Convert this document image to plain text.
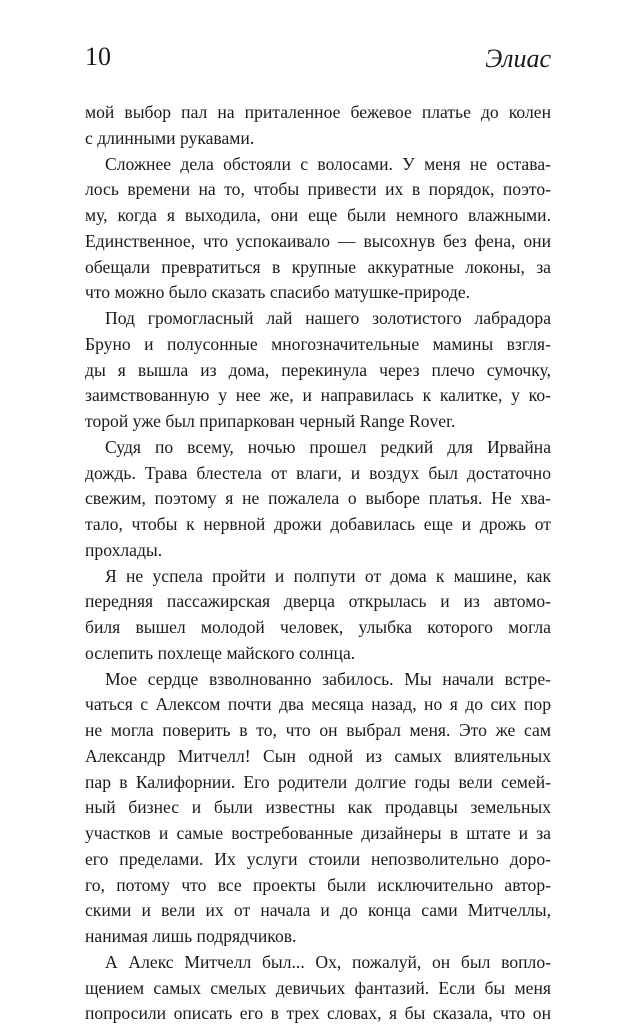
10	Элиас
мой выбор пал на приталенное бежевое платье до колен
с длинными рукавами.
Сложнее дела обстояли с волосами. У меня не остава-
лось времени на то, чтобы привести их в порядок, поэто-
му, когда я выходила, они еще были немного влажными.
Единственное, что успокаивало — высохнув без фена, они
обещали превратиться в крупные аккуратные локоны, за
что можно было сказать спасибо матушке-природе.
Под громогласный лай нашего золотистого лабрадора
Бруно и полусонные многозначительные мамины взгля-
ды я вышла из дома, перекинула через плечо сумочку,
заимствованную у нее же, и направилась к калитке, у ко-
торой уже был припаркован черный Range Rover.
Судя по всему, ночью прошел редкий для Ирвайна
дождь. Трава блестела от влаги, и воздух был достаточно
свежим, поэтому я не пожалела о выборе платья. Не хва-
тало, чтобы к нервной дрожи добавилась еще и дрожь от
прохлады.
Я не успела пройти и полпути от дома к машине, как
передняя пассажирская дверца открылась и из автомо-
биля вышел молодой человек, улыбка которого могла
ослепить похлеще майского солнца.
Мое сердце взволнованно забилось. Мы начали встре-
чаться с Алексом почти два месяца назад, но я до сих пор
не могла поверить в то, что он выбрал меня. Это же сам
Александр Митчелл! Сын одной из самых влиятельных
пар в Калифорнии. Его родители долгие годы вели семей-
ный бизнес и были известны как продавцы земельных
участков и самые востребованные дизайнеры в штате и за
его пределами. Их услуги стоили непозволительно доро-
го, потому что все проекты были исключительно автор-
скими и вели их от начала и до конца сами Митчеллы,
нанимая лишь подрядчиков.
А Алекс Митчелл был... Ох, пожалуй, он был вопло-
щением самых смелых девичьих фантазий. Если бы меня
попросили описать его в трех словах, я бы сказала, что он
